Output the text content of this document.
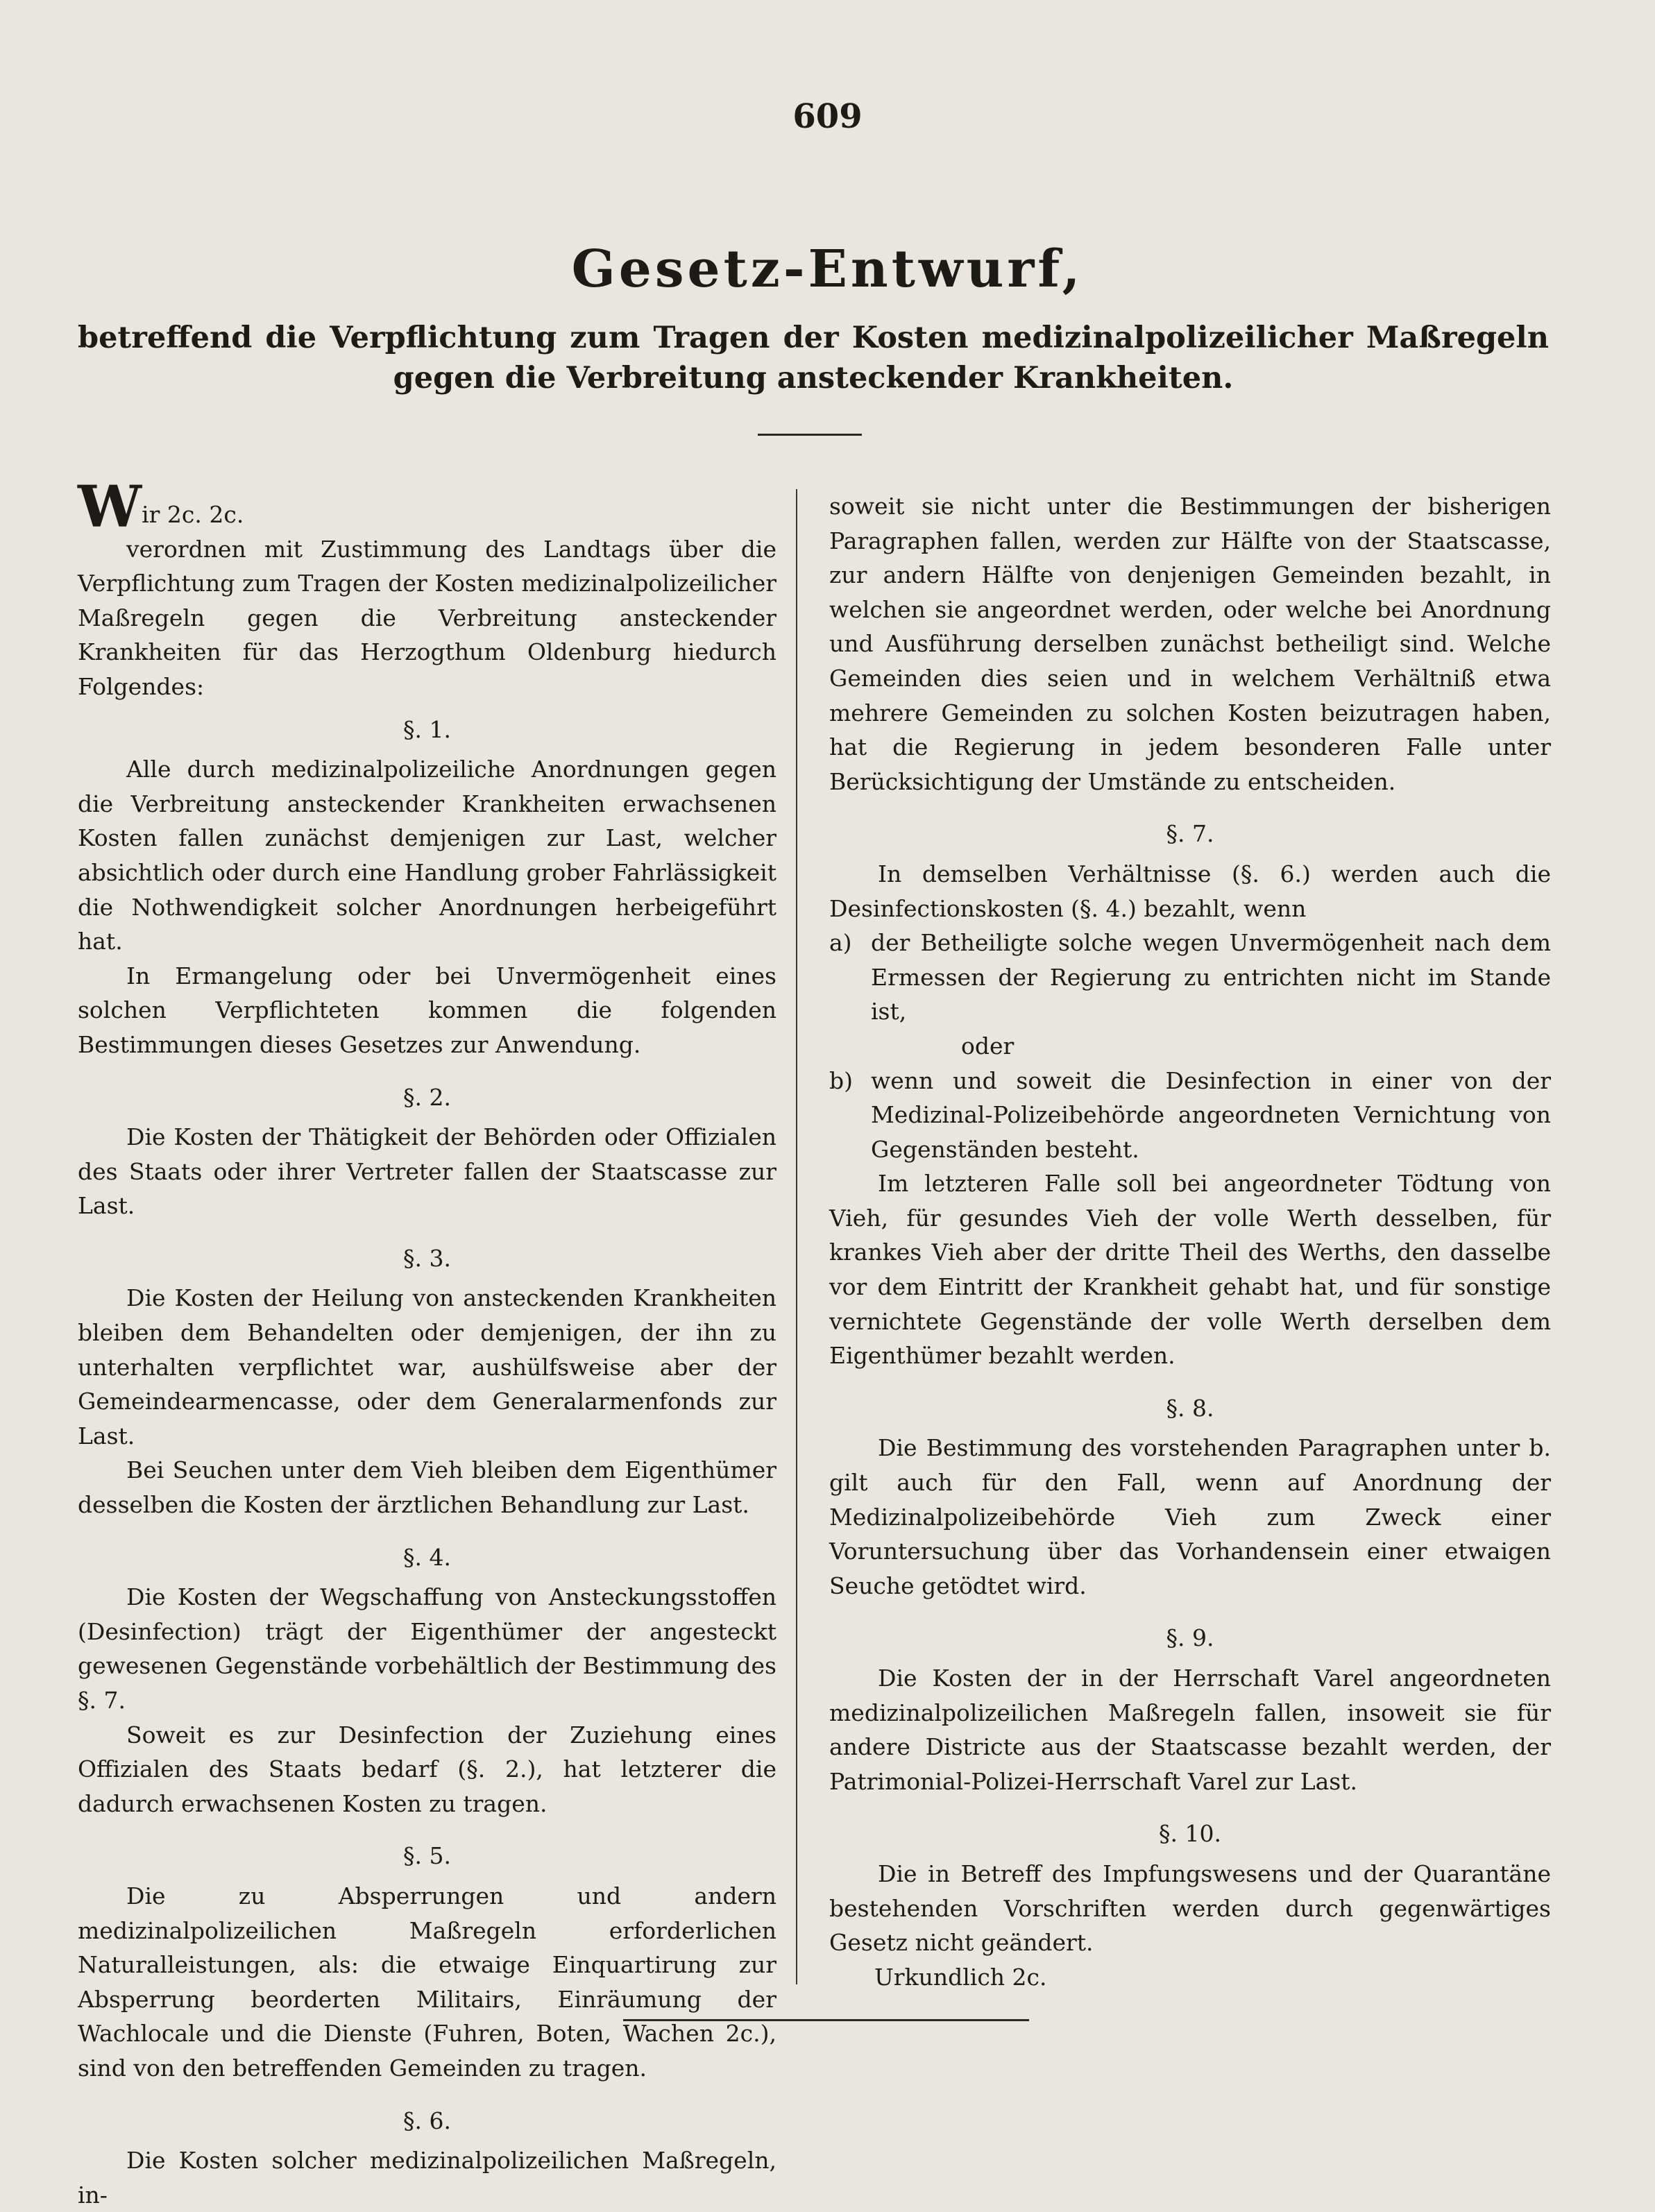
609
Gesetz-Entwurf,
betreffend die Verpflichtung zum Tragen der Kosten medizinalpolizeilicher Maßregeln gegen die Verbreitung ansteckender Krankheiten.

Wir 2c. 2c.

verordnen mit Zustimmung des Landtags über die Verpflichtung zum Tragen der Kosten medizinalpolizeilicher Maßregeln gegen die Verbreitung ansteckender Krankheiten für das Herzogthum Oldenburg hiedurch Folgendes:

§. 1.

Alle durch medizinalpolizeiliche Anordnungen gegen die Verbreitung ansteckender Krankheiten erwachsenen Kosten fallen zunächst demjenigen zur Last, welcher absichtlich oder durch eine Handlung grober Fahrlässigkeit die Nothwendigkeit solcher Anordnungen herbeigeführt hat.

In Ermangelung oder bei Unvermögenheit eines solchen Verpflichteten kommen die folgenden Bestimmungen dieses Gesetzes zur Anwendung.

§. 2.

Die Kosten der Thätigkeit der Behörden oder Offizialen des Staats oder ihrer Vertreter fallen der Staatscasse zur Last.

§. 3.

Die Kosten der Heilung von ansteckenden Krankheiten bleiben dem Behandelten oder demjenigen, der ihn zu unterhalten verpflichtet war, aushülfsweise aber der Gemeindearmencasse, oder dem Generalarmenfonds zur Last.

Bei Seuchen unter dem Vieh bleiben dem Eigenthümer desselben die Kosten der ärztlichen Behandlung zur Last.

§. 4.

Die Kosten der Wegschaffung von Ansteckungsstoffen (Desinfection) trägt der Eigenthümer der angesteckt gewesenen Gegenstände vorbehältlich der Bestimmung des §. 7.

Soweit es zur Desinfection der Zuziehung eines Offizialen des Staats bedarf (§. 2.), hat letzterer die dadurch erwachsenen Kosten zu tragen.

§. 5.

Die zu Absperrungen und andern medizinalpolizeilichen Maßregeln erforderlichen Naturalleistungen, als: die etwaige Einquartirung zur Absperrung beorderten Militairs, Einräumung der Wachlocale und die Dienste (Fuhren, Boten, Wachen 2c.), sind von den betreffenden Gemeinden zu tragen.

§. 6.

Die Kosten solcher medizinalpolizeilichen Maßregeln, in-

soweit sie nicht unter die Bestimmungen der bisherigen Paragraphen fallen, werden zur Hälfte von der Staatscasse, zur andern Hälfte von denjenigen Gemeinden bezahlt, in welchen sie angeordnet werden, oder welche bei Anordnung und Ausführung derselben zunächst betheiligt sind. Welche Gemeinden dies seien und in welchem Verhältniß etwa mehrere Gemeinden zu solchen Kosten beizutragen haben, hat die Regierung in jedem besonderen Falle unter Berücksichtigung der Umstände zu entscheiden.

§. 7.

In demselben Verhältnisse (§. 6.) werden auch die Desinfectionskosten (§. 4.) bezahlt, wenn

a) der Betheiligte solche wegen Unvermögenheit nach dem Ermessen der Regierung zu entrichten nicht im Stande ist,

oder

b) wenn und soweit die Desinfection in einer von der Medizinal-Polizeibehörde angeordneten Vernichtung von Gegenständen besteht.

Im letzteren Falle soll bei angeordneter Tödtung von Vieh, für gesundes Vieh der volle Werth desselben, für krankes Vieh aber der dritte Theil des Werths, den dasselbe vor dem Eintritt der Krankheit gehabt hat, und für sonstige vernichtete Gegenstände der volle Werth derselben dem Eigenthümer bezahlt werden.

§. 8.

Die Bestimmung des vorstehenden Paragraphen unter b. gilt auch für den Fall, wenn auf Anordnung der Medizinalpolizeibehörde Vieh zum Zweck einer Voruntersuchung über das Vorhandensein einer etwaigen Seuche getödtet wird.

§. 9.

Die Kosten der in der Herrschaft Varel angeordneten medizinalpolizeilichen Maßregeln fallen, insoweit sie für andere Districte aus der Staatscasse bezahlt werden, der Patrimonial-Polizei-Herrschaft Varel zur Last.

§. 10.

Die in Betreff des Impfungswesens und der Quarantäne bestehenden Vorschriften werden durch gegenwärtiges Gesetz nicht geändert.

Urkundlich 2c.
